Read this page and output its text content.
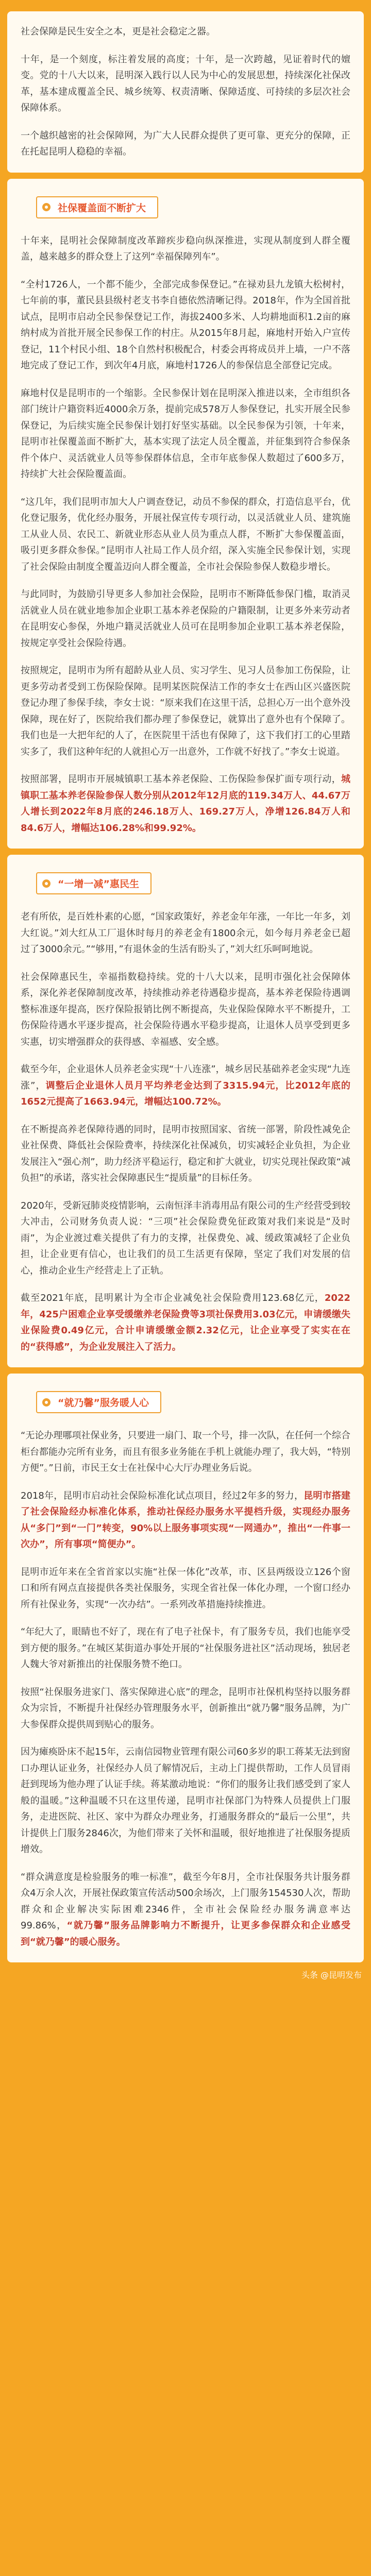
社会保障是民生安全之本，更是社会稳定之器。

十年，是一个刻度，标注着发展的高度；十年，是一次跨越，见证着时代的嬗变。党的十八大以来，昆明深入践行以人民为中心的发展思想，持续深化社保改革，基本建成覆盖全民、城乡统筹、权责清晰、保障适度、可持续的多层次社会保障体系。

一个越织越密的社会保障网，为广大人民群众提供了更可靠、更充分的保障，正在托起昆明人稳稳的幸福。

社保覆盖面不断扩大

十年来，昆明社会保障制度改革蹄疾步稳向纵深推进，实现从制度到人群全覆盖，越来越多的群众登上了这列“幸福保障列车”。

“全村1726人，一个都不能少，全部完成参保登记。”在禄劝县九龙镇大松树村，七年前的事，董民县县级村老支书李自德依然清晰记得。2018年，作为全国首批试点，昆明市启动全民参保登记工作，海拔2400多米、人均耕地面积1.2亩的麻纳村成为首批开展全民参保工作的村庄。从2015年8月起，麻地村开始入户宣传登记，11个村民小组、18个自然村积极配合，村委会再将成员并上墙，一户不落地完成了登记工作，到次年4月底，麻地村1726人的参保信息全部登记完成。

麻地村仅是昆明市的一个缩影。全民参保计划在昆明深入推进以来，全市组织各部门统计户籍资料近4000余万条，提前完成578万人参保登记，扎实开展全民参保登记，为后续实施全民参保计划打好坚实基础。以全民参保为引领，十年来，昆明市社保覆盖面不断扩大，基本实现了法定人员全覆盖，并征集到符合参保条件个体户、灵活就业人员等参保群体信息，全市年底参保人数超过了600多万，持续扩大社会保险覆盖面。

“这几年，我们昆明市加大人户调查登记，动员不参保的群众，打造信息平台，优化登记服务，优化经办服务，开展社保宣传专项行动，以灵活就业人员、建筑施工从业人员、农民工、新就业形态从业人员为重点人群，不断扩大参保覆盖面，吸引更多群众参保。”昆明市人社局工作人员介绍，深入实施全民参保计划，实现了社会保险由制度全覆盖迈向人群全覆盖，全市社会保险参保人数稳步增长。

与此同时，为鼓励引导更多人参加社会保险，昆明市不断降低参保门槛，取消灵活就业人员在就业地参加企业职工基本养老保险的户籍限制，让更多外来劳动者在昆明安心参保，外地户籍灵活就业人员可在昆明参加企业职工基本养老保险，按规定享受社会保险待遇。

按照规定，昆明市为所有超龄从业人员、实习学生、见习人员参加工伤保险，让更多劳动者受到工伤保险保障。昆明某医院保洁工作的李女士在西山区兴盛医院登记办理了参保手续，李女士说：“原来我们在这里干活，总担心万一出个意外没保障，现在好了，医院给我们都办理了参保登记，就算出了意外也有个保障了。我们也是一大把年纪的人了，在医院里干活也有保障了，这下我们打工的心里踏实多了，我们这种年纪的人就担心万一出意外，工作就不好找了。”李女士说道。

按照部署，昆明市开展城镇职工基本养老保险、工伤保险参保扩面专项行动，城镇职工基本养老保险参保人数分别从2012年12月底的119.34万人、44.67万人增长到2022年8月底的246.18万人、169.27万人，净增126.84万人和84.6万人，增幅达106.28%和99.92%。

“一增一减”惠民生

老有所依，是百姓朴素的心愿，“国家政策好，养老金年年涨，一年比一年多，刘大红说。”刘大红从工厂退休时每月的养老金有1800余元，如今每月养老金已超过了3000余元。”“够用，”有退休金的生活有盼头了，”刘大红乐呵呵地说。

社会保障惠民生，幸福指数稳持续。党的十八大以来，昆明市强化社会保障体系，深化养老保障制度改革，持续推动养老待遇稳步提高，基本养老保险待遇调整标准逐年提高，医疗保险报销比例不断提高，失业保险保障水平不断提升，工伤保险待遇水平逐步提高，社会保险待遇水平稳步提高，让退休人员享受到更多实惠，切实增强群众的获得感、幸福感、安全感。

截至今年，企业退休人员养老金实现“十八连涨”，城乡居民基础养老金实现“九连涨”，调整后企业退休人员月平均养老金达到了3315.94元，比2012年底的1652元提高了1663.94元，增幅达100.72%。

在不断提高养老保障待遇的同时，昆明市按照国家、省统一部署，阶段性减免企业社保费、降低社会保险费率，持续深化社保减负，切实减轻企业负担，为企业发展注入“强心剂”，助力经济平稳运行，稳定和扩大就业，切实兑现社保政策“减负担”的承诺，落实社会保障惠民生“提质量”的目标任务。

2020年，受新冠肺炎疫情影响，云南恒泽丰消毒用品有限公司的生产经营受到较大冲击，公司财务负责人说：“三项”社会保险费免征政策对我们来说是“及时雨”，为企业渡过难关提供了有力的支撑，社保费免、减、缓政策减轻了企业负担，让企业更有信心，也让我们的员工生活更有保障，坚定了我们对发展的信心，推动企业生产经营走上了正轨。

截至2021年底，昆明累计为全市企业减免社会保险费用123.68亿元，2022年，425户困难企业享受缓缴养老保险费等3项社保费用3.03亿元，申请缓缴失业保险费0.49亿元，合计申请缓缴金额2.32亿元，让企业享受了实实在在的“获得感”，为企业发展注入了活力。

“就乃馨”服务暖人心

“无论办理哪项社保业务，只要进一扇门、取一个号，排一次队，在任何一个综合柜台都能办完所有业务，而且有很多业务能在手机上就能办理了，我大妈，“特别方便”。”日前，市民王女士在社保中心大厅办理业务后说。

2018年，昆明市启动社会保险标准化试点项目，经过2年多的努力，昆明市搭建了社会保险经办标准化体系，推动社保经办服务水平提档升级，实现经办服务从“多门”到“一门”转变，90%以上服务事项实现“一网通办”，推出“一件事一次办”，所有事项“简便办”。

昆明市近年来在全省首家以实施“社保一体化”改革，市、区县两级设立126个窗口和所有网点直接提供各类社保服务，实现全省社保一体化办理，一个窗口经办所有社保业务，实现“一次办结”。一系列改革措施持续推进。

“年纪大了，眼睛也不好了，现在有了电子社保卡，有了服务专员，我们也能享受到方便的服务。”在城区某街道办事处开展的“社保服务进社区”活动现场，独居老人魏大爷对新推出的社保服务赞不绝口。

按照“社保服务进家门、落实保障进心底”的理念，昆明市社保机构坚持以服务群众为宗旨，不断提升社保经办管理服务水平，创新推出“就乃馨”服务品牌，为广大参保群众提供周到贴心的服务。

因为瘫痪卧床不起15年，云南信园物业管理有限公司60多岁的职工蒋某无法到窗口办理认证业务，社保经办人员了解情况后，主动上门提供帮助，工作人员冒雨赶到现场为他办理了认证手续。蒋某激动地说：“你们的服务让我们感受到了家人般的温暖。”这种温暖不只在这里传递，昆明市社保部门为特殊人员提供上门服务，走进医院、社区、家中为群众办理业务，打通服务群众的“最后一公里”，共计提供上门服务2846次，为他们带来了关怀和温暖，很好地推进了社保服务提质增效。

“群众满意度是检验服务的唯一标准”，截至今年8月，全市社保服务共计服务群众4万余人次，开展社保政策宣传活动500余场次，上门服务154530人次，帮助群众和企业解决实际困难2346件，全市社会保险经办服务满意率达99.86%，“就乃馨”服务品牌影响力不断提升，让更多参保群众和企业感受到“就乃馨”的暖心服务。

头条 @昆明发布
